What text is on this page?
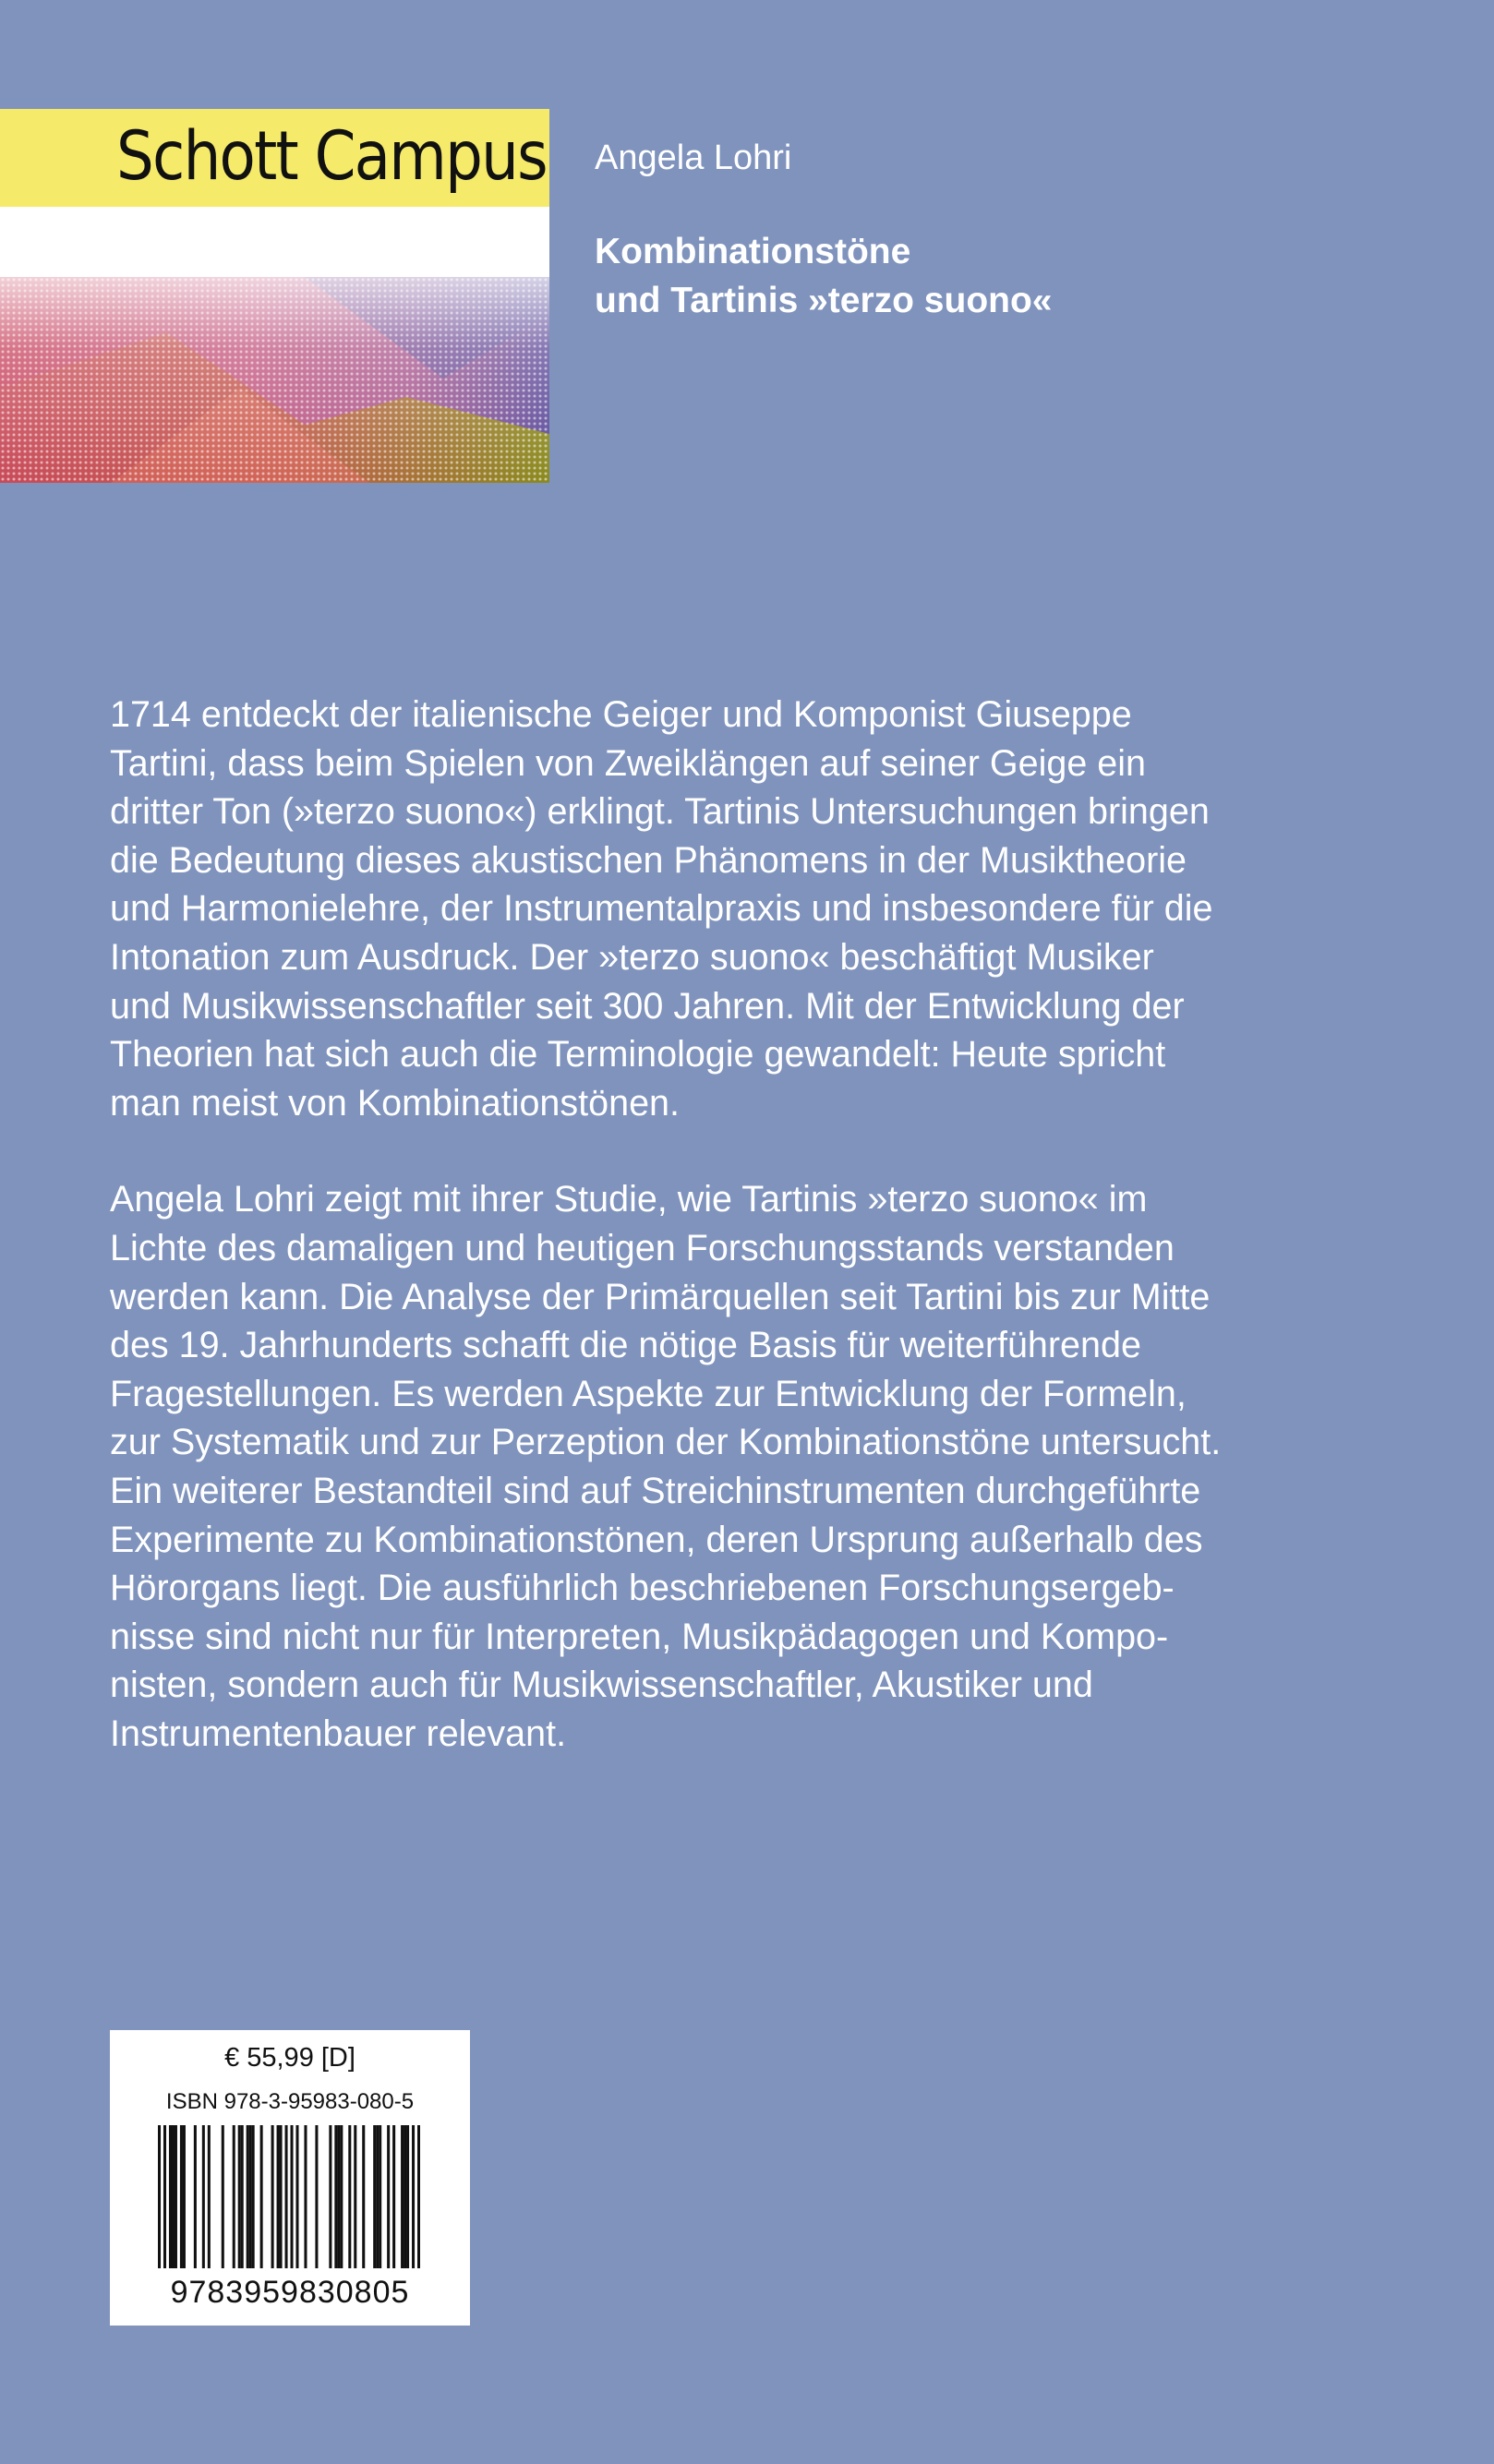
Schott Campus Angela Lohri
Kombinationstöne
und Tartinis »terzo suono«
1714 entdeckt der italienische Geiger und Komponist Giuseppe
Tartini, dass beim Spielen von Zweiklängen auf seiner Geige ein
dritter Ton (»terzo suono«) erklingt. Tartinis Untersuchungen bringen
die Bedeutung dieses akustischen Phänomens in der Musiktheorie
und Harmonielehre, der Instrumentalpraxis und insbesondere für die
Intonation zum Ausdruck. Der »terzo suono« beschäftigt Musiker
und Musikwissenschaftler seit 300 Jahren. Mit der Entwicklung der
Theorien hat sich auch die Terminologie gewandelt: Heute spricht
man meist von Kombinationstönen.
Angela Lohri zeigt mit ihrer Studie, wie Tartinis »terzo suono« im
Lichte des damaligen und heutigen Forschungsstands verstanden
werden kann. Die Analyse der Primärquellen seit Tartini bis zur Mitte
des 19. Jahrhunderts schafft die nötige Basis für weiterführende
Fragestellungen. Es werden Aspekte zur Entwicklung der Formeln,
zur Systematik und zur Perzeption der Kombinationstöne untersucht.
Ein weiterer Bestandteil sind auf Streichinstrumenten durchgeführte
Experimente zu Kombinationstönen, deren Ursprung außerhalb des
Hörorgans liegt. Die ausführlich beschriebenen Forschungsergeb-
nisse sind nicht nur für Interpreten, Musikpädagogen und Kompo-
nisten, sondern auch für Musikwissenschaftler, Akustiker und
Instrumentenbauer relevant.
€ 55,99 [D]
ISBN 978-3-95983-080-5
9783959830805
